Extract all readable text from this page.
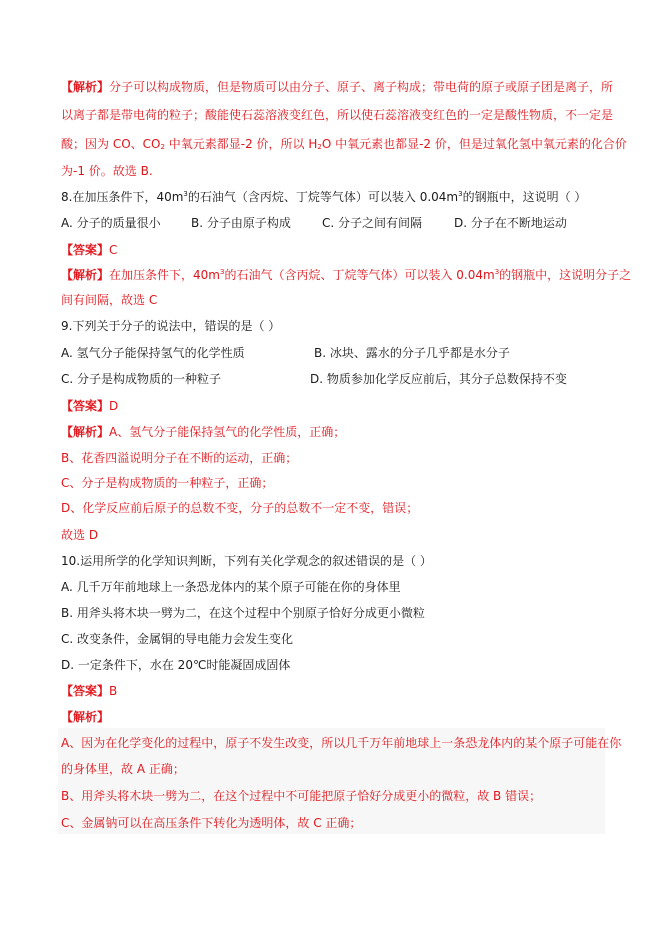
【解析】分子可以构成物质，但是物质可以由分子、原子、离子构成；带电荷的原子或原子团是离子，所
以离子都是带电荷的粒子；酸能使石蕊溶液变红色，所以使石蕊溶液变红色的一定是酸性物质，不一定是
酸；因为 CO、CO2 中氧元素都显-2 价，所以 H2O 中氧元素也都显-2 价，但是过氧化氢中氧元素的化合价
为-1 价。故选 B.
8.在加压条件下，$40m^3$的石油气（含丙烷、丁烷等气体）可以装入 $0.04m^3$的钢瓶中，这说明（ ）
A. 分子的质量很小	B. 分子由原子构成	C. 分子之间有间隔	D. 分子在不断地运动
【答案】C
【解析】在加压条件下，$40m^3$的石油气（含丙烷、丁烷等气体）可以装入 $0.04m^3$的钢瓶中，这说明分子之
间有间隔，故选 C
9.下列关于分子的说法中，错误的是（ ）
A. 氢气分子能保持氢气的化学性质	B. 冰块、露水的分子几乎都是水分子
C. 分子是构成物质的一种粒子	D. 物质参加化学反应前后，其分子总数保持不变
【答案】D
【解析】A、氢气分子能保持氢气的化学性质，正确；
B、花香四溢说明分子在不断的运动，正确；
C、分子是构成物质的一种粒子，正确；
D、化学反应前后原子的总数不变，分子的总数不一定不变，错误；
故选 D
10.运用所学的化学知识判断，下列有关化学观念的叙述错误的是（ ）
A. 几千万年前地球上一条恐龙体内的某个原子可能在你的身体里
B. 用斧头将木块一劈为二，在这个过程中个别原子恰好分成更小微粒
C. 改变条件，金属铜的导电能力会发生变化
D. 一定条件下，水在 20℃时能凝固成固体
【答案】B
【解析】
A、因为在化学变化的过程中，原子不发生改变，所以几千万年前地球上一条恐龙体内的某个原子可能在你
的身体里，故 A 正确；
B、用斧头将木块一劈为二，在这个过程中不可能把原子恰好分成更小的微粒，故 B 错误；
C、金属钠可以在高压条件下转化为透明体，故 C 正确；
